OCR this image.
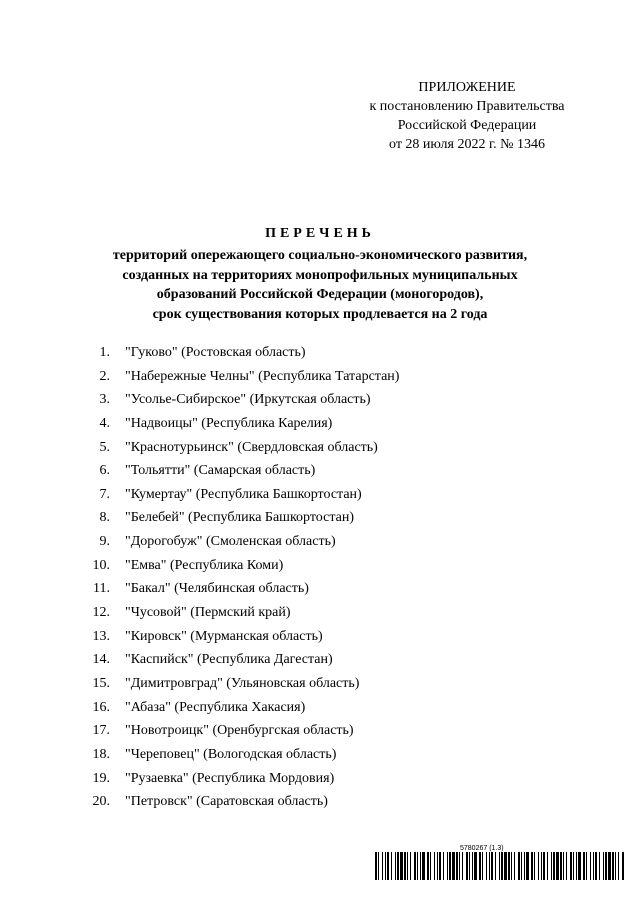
ПРИЛОЖЕНИЕ
к постановлению Правительства
Российской Федерации
от 28 июля 2022 г. № 1346
ПЕРЕЧЕНЬ
территорий опережающего социально-экономического развития,
созданных на территориях монопрофильных муниципальных
образований Российской Федерации (моногородов),
срок существования которых продлевается на 2 года
1. "Гуково" (Ростовская область)
2. "Набережные Челны" (Республика Татарстан)
3. "Усолье-Сибирское" (Иркутская область)
4. "Надвоицы" (Республика Карелия)
5. "Краснотурьинск" (Свердловская область)
6. "Тольятти" (Самарская область)
7. "Кумертау" (Республика Башкортостан)
8. "Белебей" (Республика Башкортостан)
9. "Дорогобуж" (Смоленская область)
10. "Емва" (Республика Коми)
11. "Бакал" (Челябинская область)
12. "Чусовой" (Пермский край)
13. "Кировск" (Мурманская область)
14. "Каспийск" (Республика Дагестан)
15. "Димитровград" (Ульяновская область)
16. "Абаза" (Республика Хакасия)
17. "Новотроицк" (Оренбургская область)
18. "Череповец" (Вологодская область)
19. "Рузаевка" (Республика Мордовия)
20. "Петровск" (Саратовская область)
5780267 (1.3)
